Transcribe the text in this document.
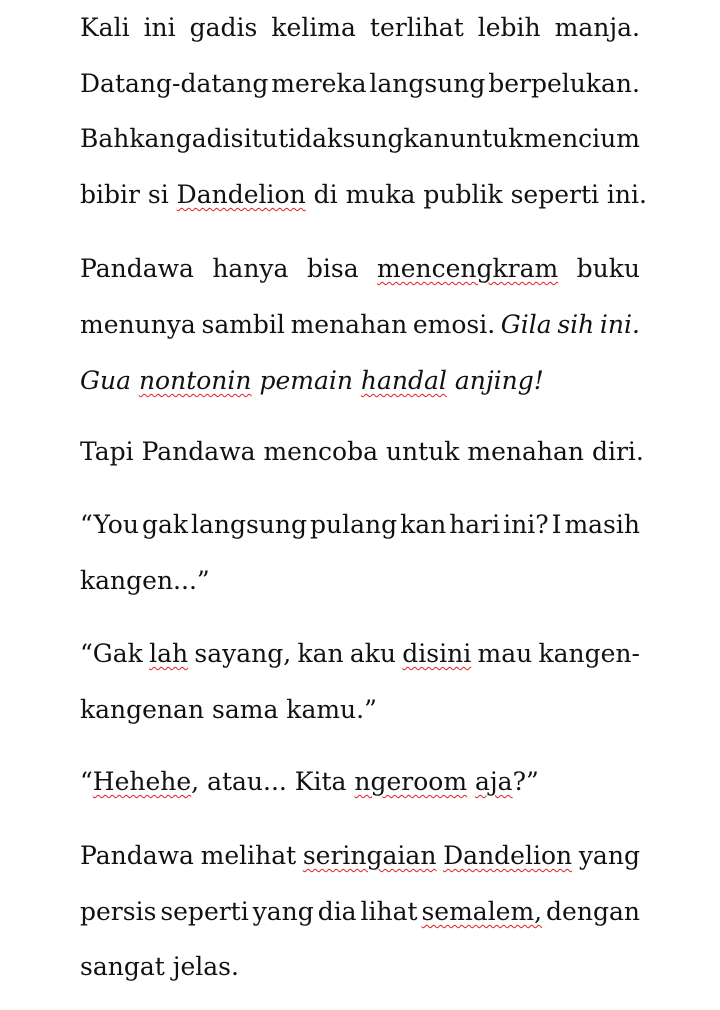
Kali ini gadis kelima terlihat lebih manja.
Datang-datang mereka langsung berpelukan.
Bahkan gadis itu tidak sungkan untuk mencium
bibir si Dandelion di muka publik seperti ini.
Pandawa hanya bisa mencengkram buku
menunya sambil menahan emosi. Gila sih ini.
Gua nontonin pemain handal anjing!
Tapi Pandawa mencoba untuk menahan diri.
“You gak langsung pulang kan hari ini? I masih
kangen...”
“Gak lah sayang, kan aku disini mau kangen-
kangenan sama kamu.”
“Hehehe, atau... Kita ngeroom aja?”
Pandawa melihat seringaian Dandelion yang
persis seperti yang dia lihat semalem, dengan
sangat jelas.
